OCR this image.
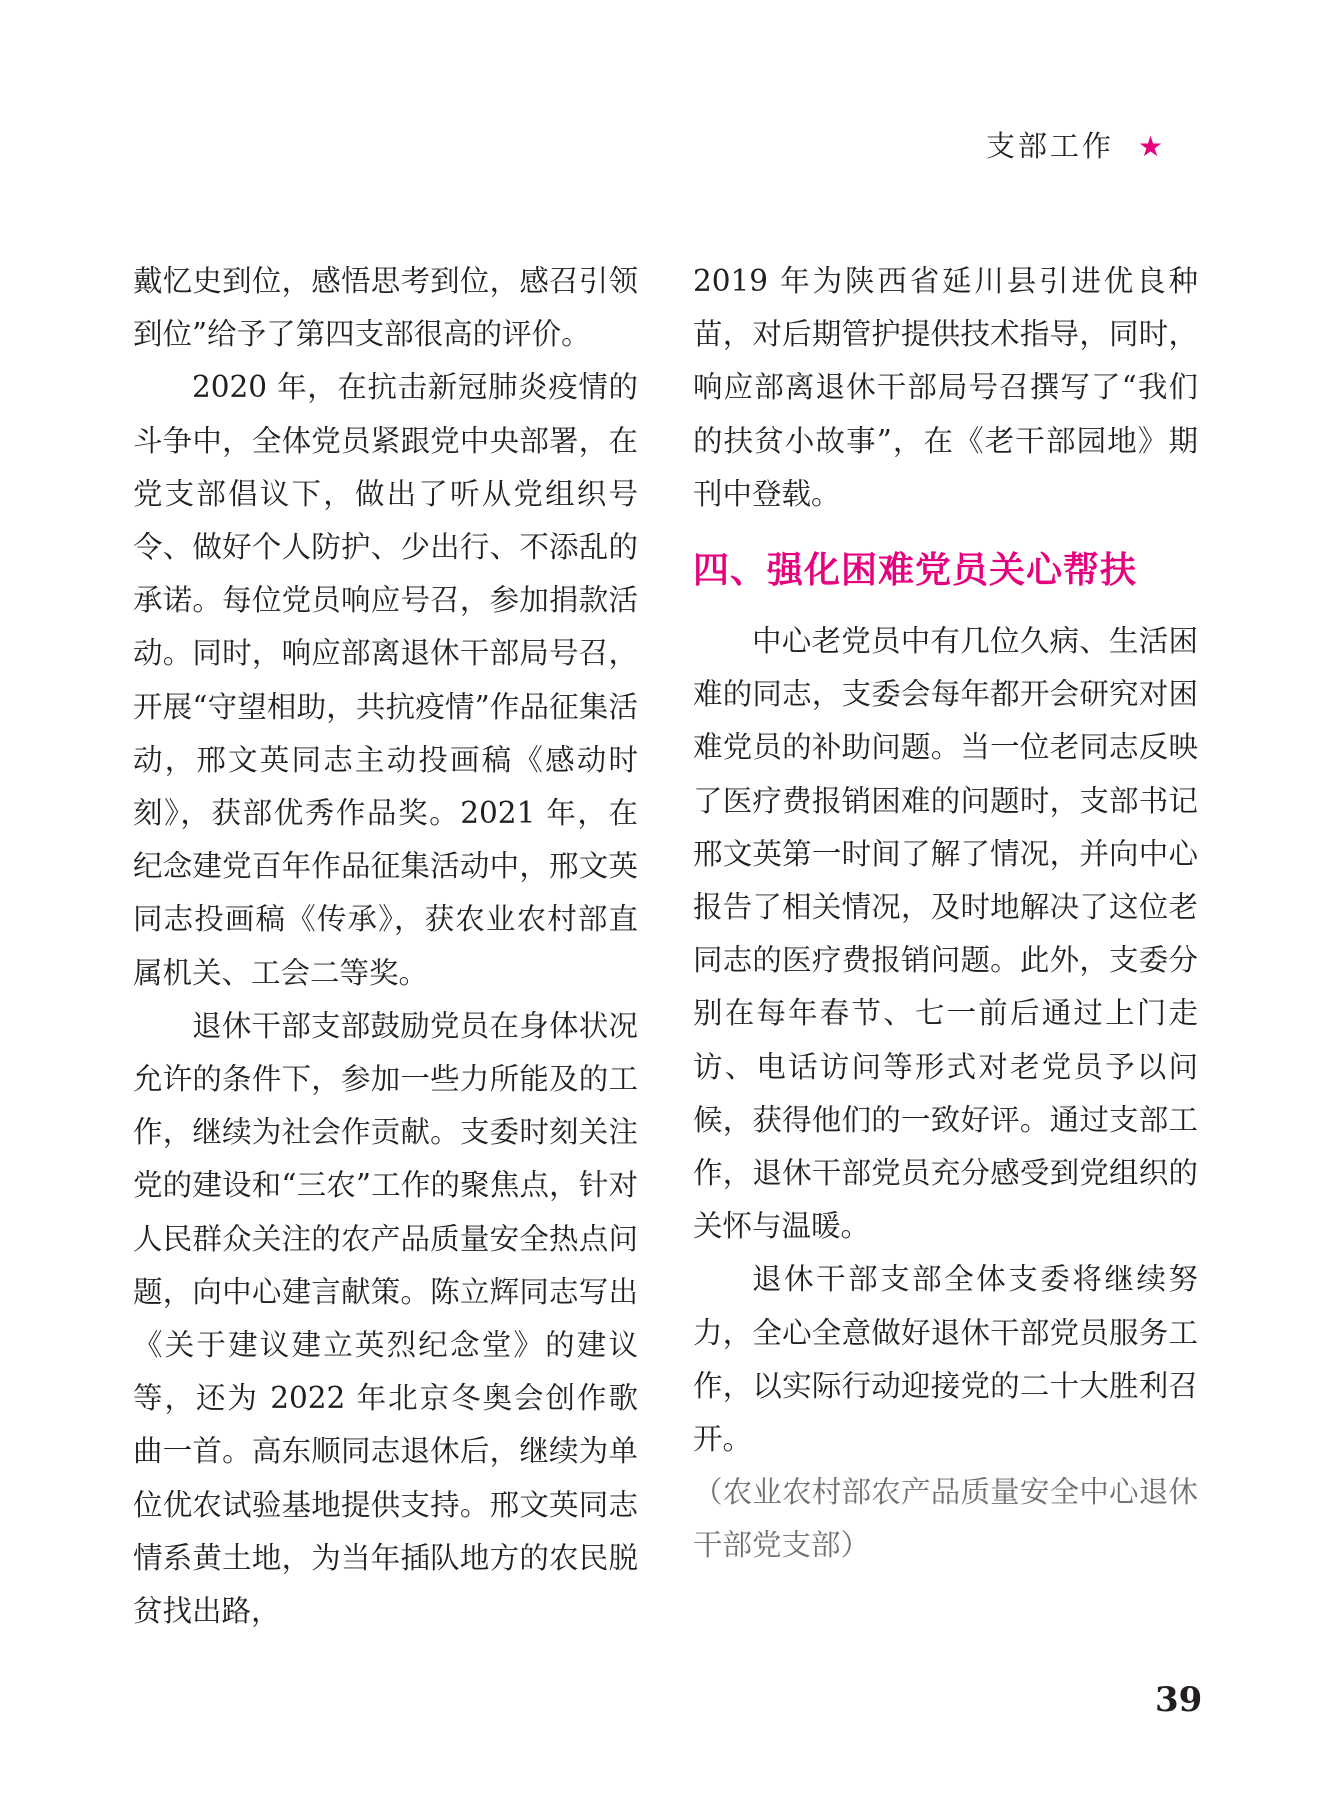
支部工作 ★

戴忆史到位，感悟思考到位，感召引领到位”给予了第四支部很高的评价。

2020 年，在抗击新冠肺炎疫情的斗争中，全体党员紧跟党中央部署，在党支部倡议下，做出了听从党组织号令、做好个人防护、少出行、不添乱的承诺。每位党员响应号召，参加捐款活动。同时，响应部离退休干部局号召，开展“守望相助，共抗疫情”作品征集活动，邢文英同志主动投画稿《感动时刻》，获部优秀作品奖。2021 年，在纪念建党百年作品征集活动中，邢文英同志投画稿《传承》，获农业农村部直属机关、工会二等奖。

退休干部支部鼓励党员在身体状况允许的条件下，参加一些力所能及的工作，继续为社会作贡献。支委时刻关注党的建设和“三农”工作的聚焦点，针对人民群众关注的农产品质量安全热点问题，向中心建言献策。陈立辉同志写出《关于建议建立英烈纪念堂》的建议等，还为 2022 年北京冬奥会创作歌曲一首。高东顺同志退休后，继续为单位优农试验基地提供支持。邢文英同志情系黄土地，为当年插队地方的农民脱贫找出路，

2019 年为陕西省延川县引进优良种苗，对后期管护提供技术指导，同时，响应部离退休干部局号召撰写了“我们的扶贫小故事”，在《老干部园地》期刊中登载。

四、强化困难党员关心帮扶

中心老党员中有几位久病、生活困难的同志，支委会每年都开会研究对困难党员的补助问题。当一位老同志反映了医疗费报销困难的问题时，支部书记邢文英第一时间了解了情况，并向中心报告了相关情况，及时地解决了这位老同志的医疗费报销问题。此外，支委分别在每年春节、七一前后通过上门走访、电话访问等形式对老党员予以问候，获得他们的一致好评。通过支部工作，退休干部党员充分感受到党组织的关怀与温暖。

退休干部支部全体支委将继续努力，全心全意做好退休干部党员服务工作，以实际行动迎接党的二十大胜利召开。

（农业农村部农产品质量安全中心退休干部党支部）

39
